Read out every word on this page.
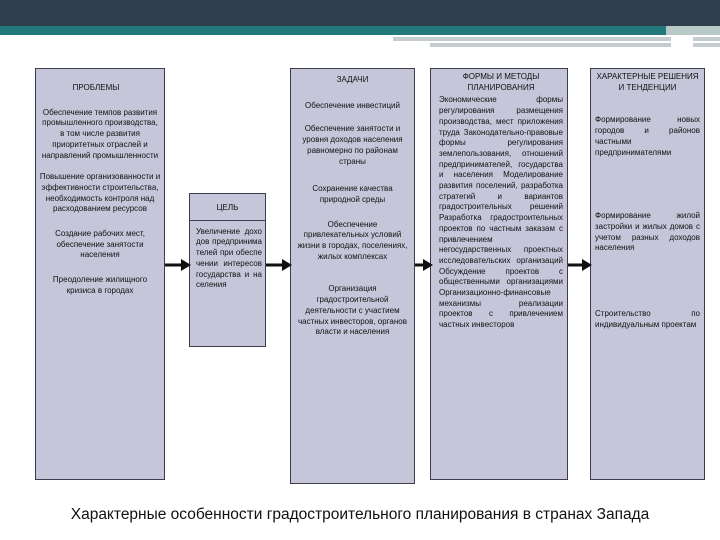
ПРОБЛЕМЫ
Обеспечение темпов развития промышленного производства, в том числе развития приоритетных отраслей и направлений промышленности
Повышение организованности и эффективности строительства, необходимость контроля над расходованием ресурсов
Создание рабочих мест, обеспечение занятости населения
Преодоление жилищного кризиса в городах
ЦЕЛЬ
Увеличение доходов предпринимателей при обеспечении интересов государства и населения
ЗАДАЧИ
Обеспечение инвестиций
Обеспечение занятости и уровня доходов населения равномерно по районам страны
Сохранение качества природной среды
Обеспечение привлекательных условий жизни в городах, поселениях, жилых комплексах
Организация градостроительной деятельности с участием частных инвесторов, органов власти и населения
ФОРМЫ И МЕТОДЫ ПЛАНИРОВАНИЯ
Экономические формы регулирования размещения производства, мест приложения труда Законодательно-правовые формы регулирования землепользования, отношений предпринимателей, государства и населения Моделирование развития поселений, разработка стратегий и вариантов градостроительных решений Разработка градостроительных проектов по частным заказам с привлечением негосударственных проектных исследовательских организаций Обсуждение проектов с общественными организациями Организационно-финансовые механизмы реализации проектов с привлечением частных инвесторов
ХАРАКТЕРНЫЕ РЕШЕНИЯ И ТЕНДЕНЦИИ
Формирование новых городов и районов частными предпринимателями
Формирование жилой застройки и жилых домов с учетом разных доходов населения
Строительство по индивидуальным проектам
Характерные особенности градостроительного планирования в странах Запада
